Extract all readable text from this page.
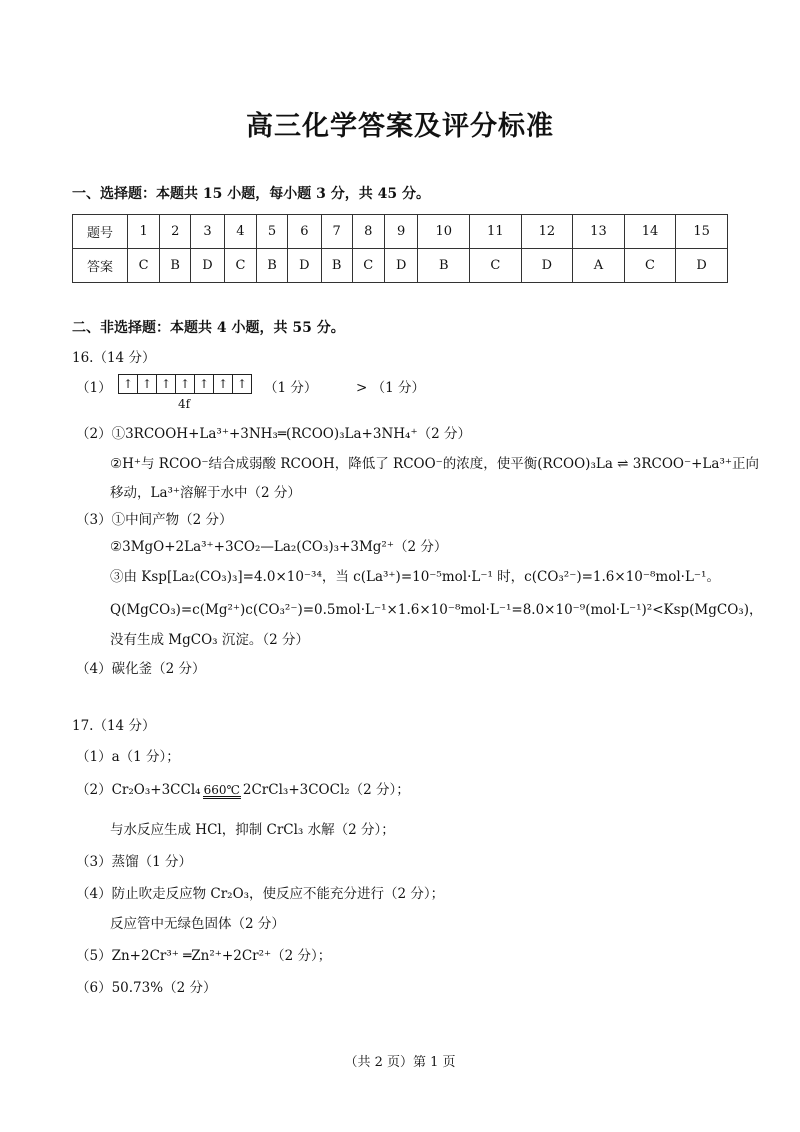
高三化学答案及评分标准
一、选择题：本题共 15 小题，每小题 3 分，共 45 分。
题号	1	2	3	4	5	6	7	8	9	10	11	12	13	14	15
答案	C	B	D	C	B	D	B	C	D	B	C	D	A	C	D
二、非选择题：本题共 4 小题，共 55 分。
16.（14 分）
（1） ↑ ↑ ↑ ↑ ↑ ↑ ↑
4f
（1 分）	> （1 分）
（2）①3RCOOH+La³⁺+3NH₃═(RCOO)₃La+3NH₄⁺（2 分）
②H⁺与 RCOO⁻结合成弱酸 RCOOH，降低了 RCOO⁻的浓度，使平衡(RCOO)₃La ⇌ 3RCOO⁻+La³⁺正向
移动，La³⁺溶解于水中（2 分）
（3）①中间产物（2 分）
②3MgO+2La³⁺+3CO₂—La₂(CO₃)₃+3Mg²⁺（2 分）
③由 Ksp[La₂(CO₃)₃]=4.0×10⁻³⁴，当 c(La³⁺)=10⁻⁵mol·L⁻¹ 时，c(CO₃²⁻)=1.6×10⁻⁸mol·L⁻¹。
Q(MgCO₃)=c(Mg²⁺)c(CO₃²⁻)=0.5mol·L⁻¹×1.6×10⁻⁸mol·L⁻¹=8.0×10⁻⁹(mol·L⁻¹)²<Ksp(MgCO₃)，
没有生成 MgCO₃ 沉淀。（2 分）
（4）碳化釜（2 分）
17.（14 分）
（1）a（1 分）；
（2）Cr₂O₃+3CCl₄ 660℃ 2CrCl₃+3COCl₂（2 分）；
与水反应生成 HCl，抑制 CrCl₃ 水解（2 分）；
（3）蒸馏（1 分）
（4）防止吹走反应物 Cr₂O₃，使反应不能充分进行（2 分）；
反应管中无绿色固体（2 分）
（5）Zn+2Cr³⁺ ═Zn²⁺+2Cr²⁺（2 分）；
（6）50.73%（2 分）
（共 2 页）第 1 页
